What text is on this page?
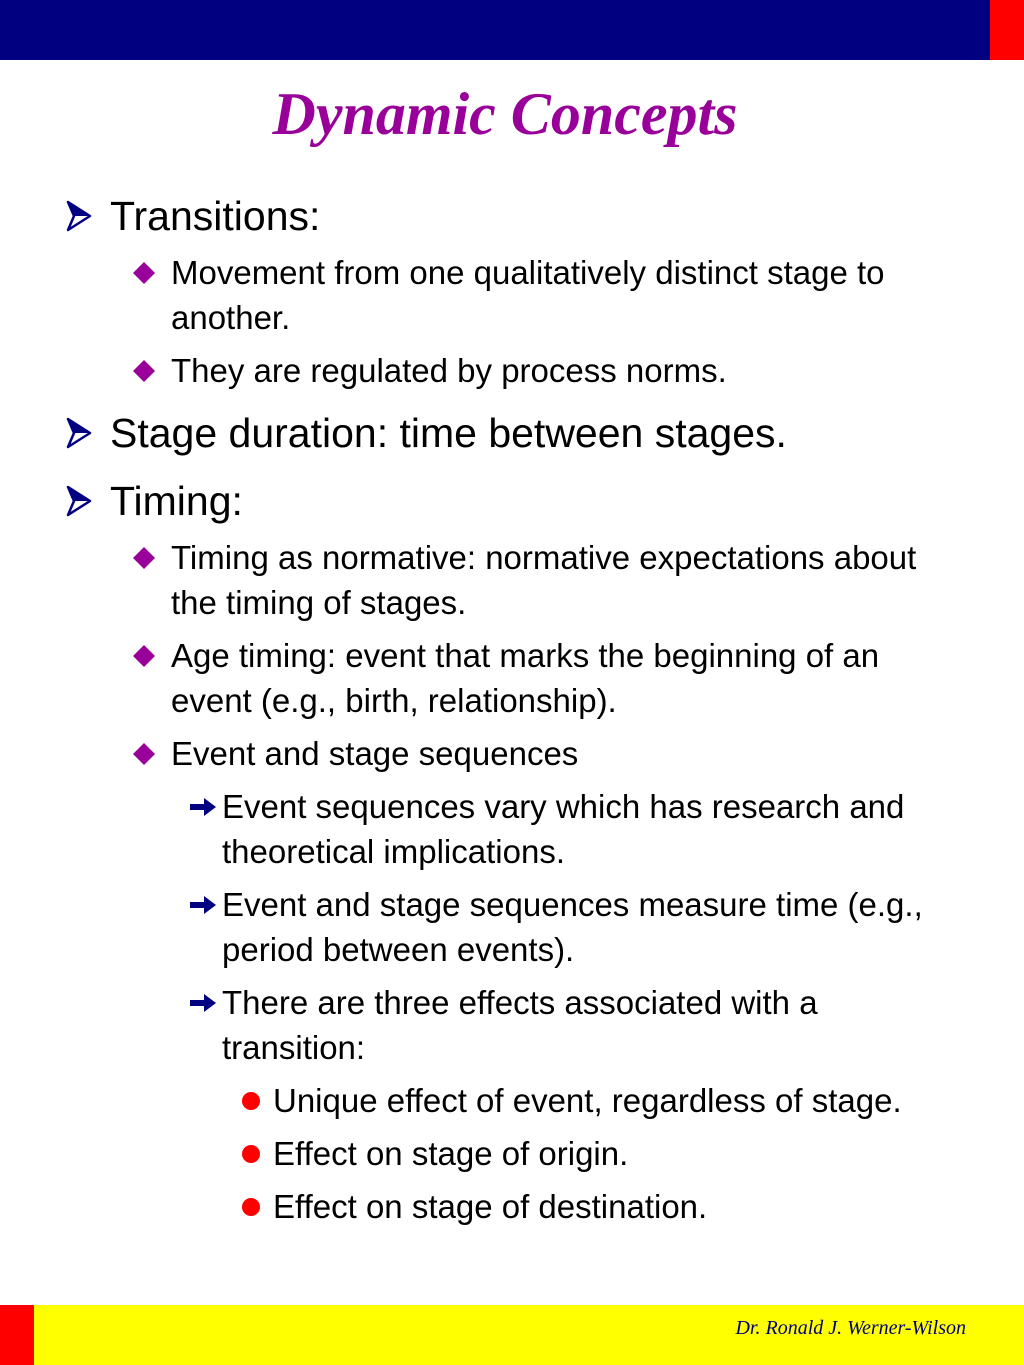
Dynamic Concepts
Transitions:
Movement from one qualitatively distinct stage to another.
They are regulated by process norms.
Stage duration: time between stages.
Timing:
Timing as normative: normative expectations about the timing of stages.
Age timing: event that marks the beginning of an event (e.g., birth, relationship).
Event and stage sequences
Event sequences vary which has research and theoretical implications.
Event and stage sequences measure time (e.g., period between events).
There are three effects associated with a transition:
Unique effect of event, regardless of stage.
Effect on stage of origin.
Effect on stage of destination.
Dr. Ronald J. Werner-Wilson
